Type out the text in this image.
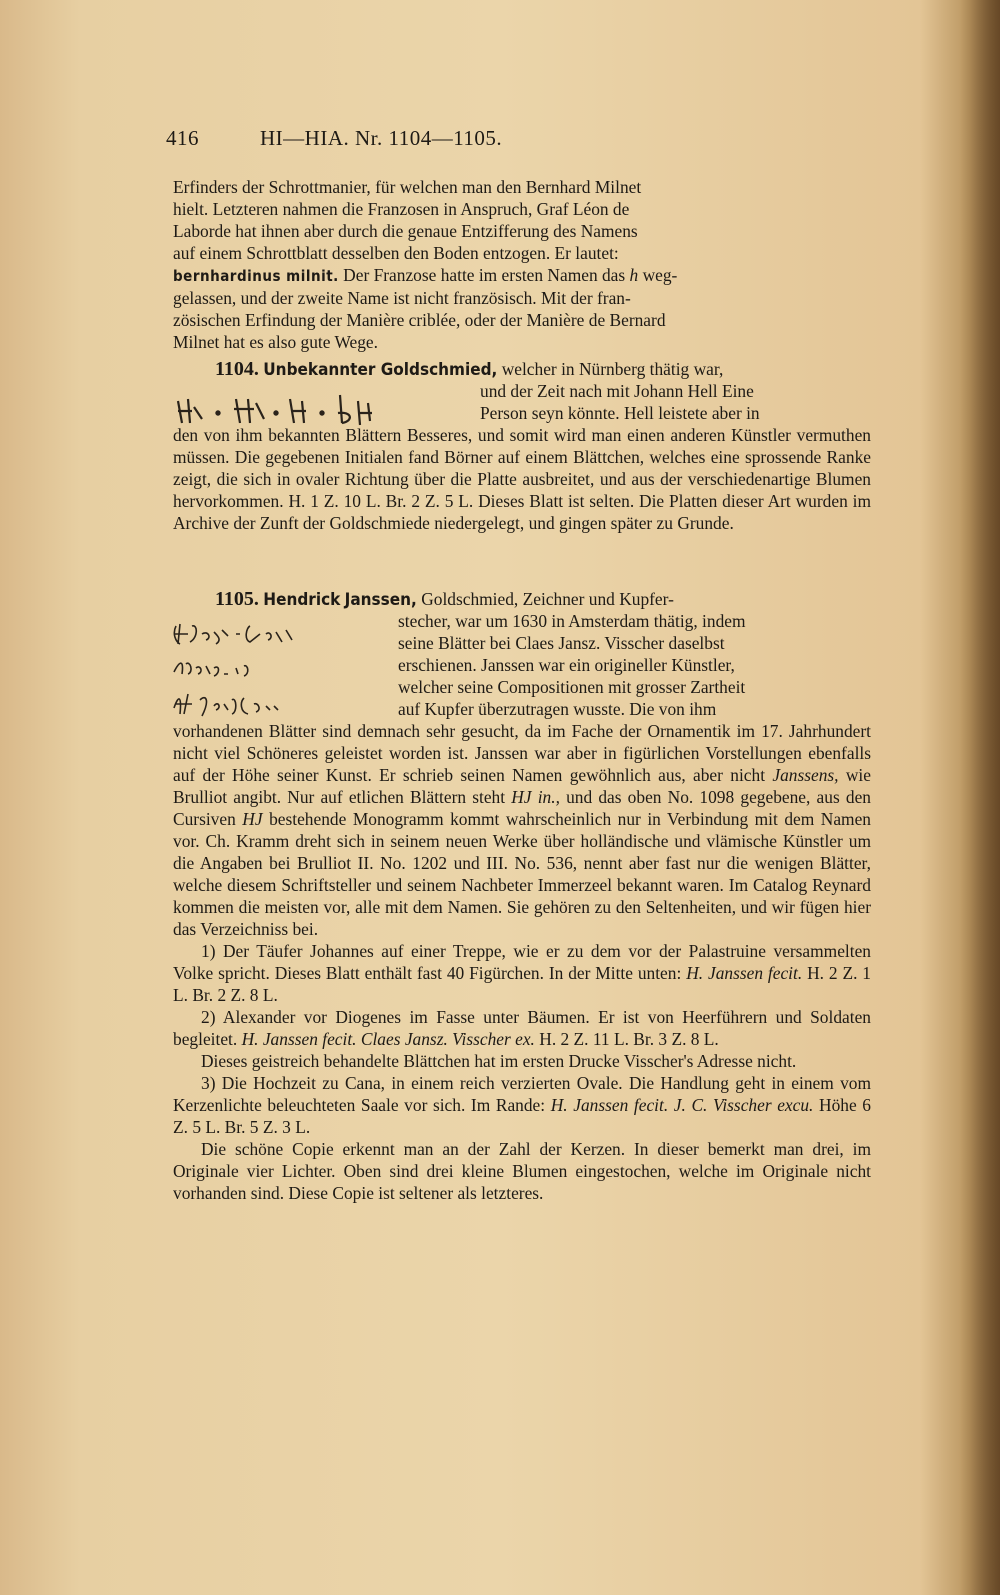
416	HI—HIA. Nr. 1104—1105.

Erfinders der Schrottmanier, für welchen man den Bernhard Milnet

hielt. Letzteren nahmen die Franzosen in Anspruch, Graf Léon de

Laborde hat ihnen aber durch die genaue Entzifferung des Namens

auf einem Schrottblatt desselben den Boden entzogen. Er lautet:

bernhardinus milnit. Der Franzose hatte im ersten Namen das h weg-

gelassen, und der zweite Name ist nicht französisch. Mit der fran-

zösischen Erfindung der Manière criblée, oder der Manière de Bernard

Milnet hat es also gute Wege.

1104. Unbekannter Goldschmied, welcher in Nürnberg thätig war,

und der Zeit nach mit Johann Hell Eine

Person seyn könnte. Hell leistete aber in

den von ihm bekannten Blättern Besseres, und somit wird man einen anderen Künstler vermuthen müssen. Die gegebenen Initialen fand Börner auf einem Blättchen, welches eine sprossende Ranke zeigt, die sich in ovaler Richtung über die Platte ausbreitet, und aus der verschiedenartige Blumen hervorkommen. H. 1 Z. 10 L. Br. 2 Z. 5 L. Dieses Blatt ist selten. Die Platten dieser Art wurden im Archive der Zunft der Goldschmiede niedergelegt, und gingen später zu Grunde.

1105. Hendrick Janssen, Goldschmied, Zeichner und Kupfer-

stecher, war um 1630 in Amsterdam thätig, indem

seine Blätter bei Claes Jansz. Visscher daselbst

erschienen. Janssen war ein origineller Künstler,

welcher seine Compositionen mit grosser Zartheit

auf Kupfer überzutragen wusste. Die von ihm

vorhandenen Blätter sind demnach sehr gesucht, da im Fache der Ornamentik im 17. Jahrhundert nicht viel Schöneres geleistet worden ist. Janssen war aber in figürlichen Vorstellungen ebenfalls auf der Höhe seiner Kunst. Er schrieb seinen Namen gewöhnlich aus, aber nicht Janssens, wie Brulliot angibt. Nur auf etlichen Blättern steht HJ in., und das oben No. 1098 gegebene, aus den Cursiven HJ bestehende Monogramm kommt wahrscheinlich nur in Verbindung mit dem Namen vor. Ch. Kramm dreht sich in seinem neuen Werke über holländische und vlämische Künstler um die Angaben bei Brulliot II. No. 1202 und III. No. 536, nennt aber fast nur die wenigen Blätter, welche diesem Schriftsteller und seinem Nachbeter Immerzeel bekannt waren. Im Catalog Reynard kommen die meisten vor, alle mit dem Namen. Sie gehören zu den Seltenheiten, und wir fügen hier das Verzeichniss bei.

1) Der Täufer Johannes auf einer Treppe, wie er zu dem vor der Palastruine versammelten Volke spricht. Dieses Blatt enthält fast 40 Figürchen. In der Mitte unten: H. Janssen fecit. H. 2 Z. 1 L. Br. 2 Z. 8 L.

2) Alexander vor Diogenes im Fasse unter Bäumen. Er ist von Heerführern und Soldaten begleitet. H. Janssen fecit. Claes Jansz. Visscher ex. H. 2 Z. 11 L. Br. 3 Z. 8 L.

Dieses geistreich behandelte Blättchen hat im ersten Drucke Visscher's Adresse nicht.

3) Die Hochzeit zu Cana, in einem reich verzierten Ovale. Die Handlung geht in einem vom Kerzenlichte beleuchteten Saale vor sich. Im Rande: H. Janssen fecit. J. C. Visscher excu. Höhe 6 Z. 5 L. Br. 5 Z. 3 L.

Die schöne Copie erkennt man an der Zahl der Kerzen. In dieser bemerkt man drei, im Originale vier Lichter. Oben sind drei kleine Blumen eingestochen, welche im Originale nicht vorhanden sind. Diese Copie ist seltener als letzteres.
